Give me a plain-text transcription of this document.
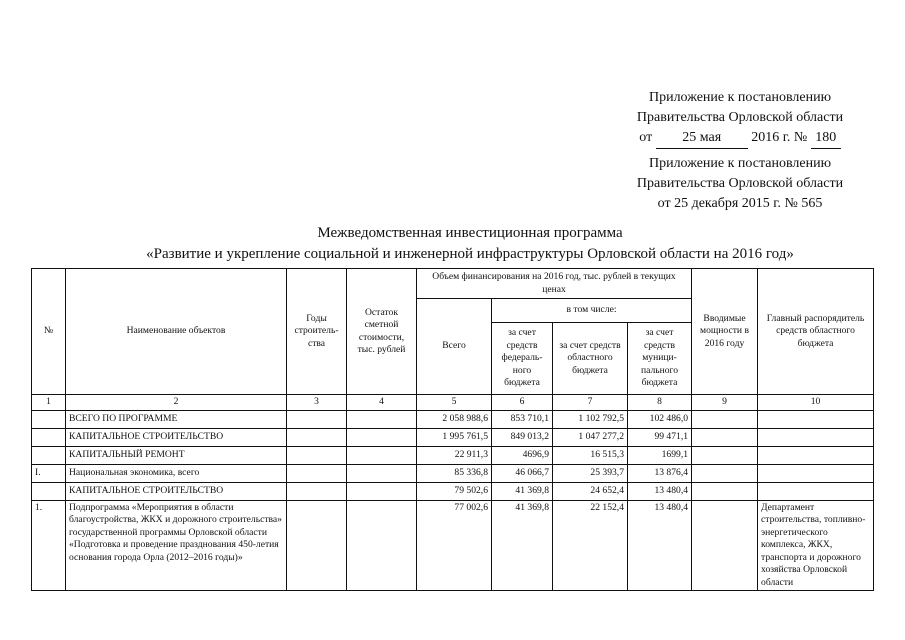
Приложение к постановлению
Правительства Орловской области
от 25 мая 2016 г. № 180
Приложение к постановлению
Правительства Орловской области
от 25 декабря 2015 г. № 565
Межведомственная инвестиционная программа
«Развитие и укрепление социальной и инженерной инфраструктуры Орловской области на 2016 год»
№	Наименование объектов	Годы строитель-ства	Остаток сметной стоимости, тыс. рублей	Объем финансирования на 2016 год, тыс. рублей в текущих ценах				Вводимые мощности в 2016 году	Главный распорядитель средств областного бюджета
				Всего	в том числе:				
					за счет средств федераль-ного бюджета	за счет средств областного бюджета	за счет средств муници-пального бюджета		
1	2	3	4	5	6	7	8	9	10
	ВСЕГО ПО ПРОГРАММЕ			2 058 988,6	853 710,1	1 102 792,5	102 486,0		
	КАПИТАЛЬНОЕ СТРОИТЕЛЬСТВО			1 995 761,5	849 013,2	1 047 277,2	99 471,1		
	КАПИТАЛЬНЫЙ РЕМОНТ			22 911,3	4696,9	16 515,3	1699,1		
I.	Национальная экономика, всего			85 336,8	46 066,7	25 393,7	13 876,4		
	КАПИТАЛЬНОЕ СТРОИТЕЛЬСТВО			79 502,6	41 369,8	24 652,4	13 480,4		
1.	Подпрограмма «Мероприятия в области благоустройства, ЖКХ и дорожного строительства» государственной программы Орловской области «Подготовка и проведение празднования 450-летия основания города Орла (2012–2016 годы)»			77 002,6	41 369,8	22 152,4	13 480,4		Департамент строительства, топливно-энергетического комплекса, ЖКХ, транспорта и дорожного хозяйства Орловской области
